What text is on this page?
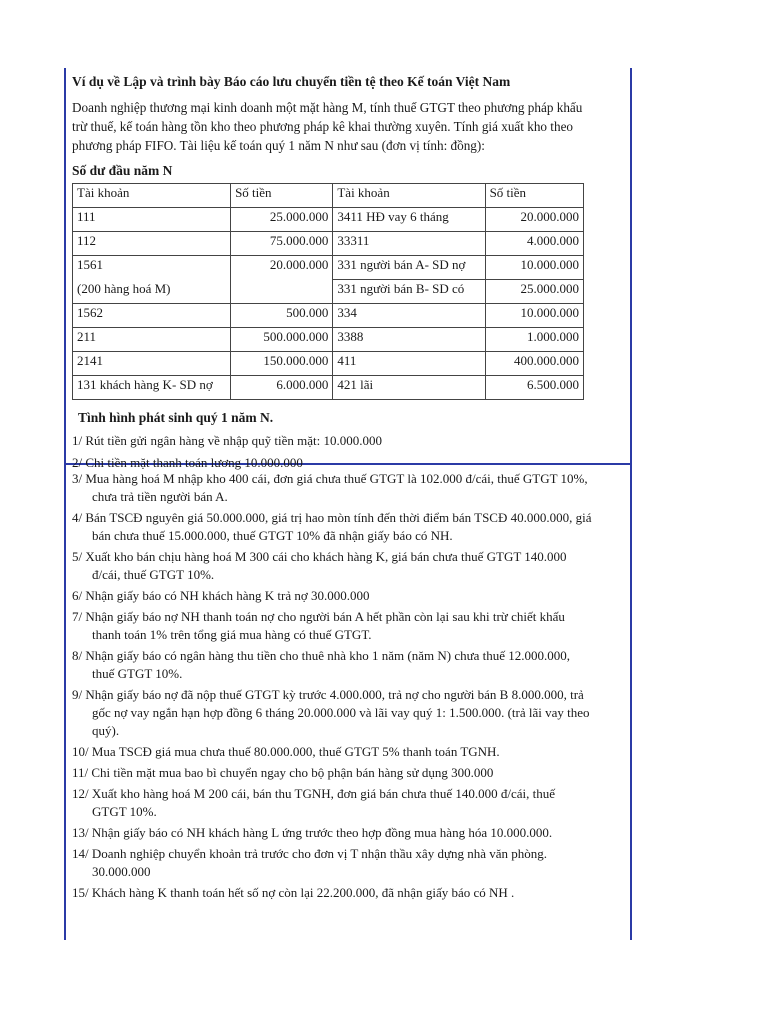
Ví dụ về Lập và trình bày Báo cáo lưu chuyển tiền tệ theo Kế toán Việt Nam

Doanh nghiệp thương mại kinh doanh một mặt hàng M, tính thuế GTGT theo phương pháp khấu trừ thuế, kế toán hàng tồn kho theo phương pháp kê khai thường xuyên. Tính giá xuất kho theo phương pháp FIFO. Tài liệu kế toán quý 1 năm N như sau (đơn vị tính: đồng):

Số dư đầu năm N
Tài khoản	Số tiền	Tài khoản	Số tiền
111	25.000.000	3411 HĐ vay 6 tháng	20.000.000
112	75.000.000	33311	4.000.000
1561	20.000.000	331 người bán A- SD nợ	10.000.000
(200 hàng hoá M)		331 người bán B- SD có	25.000.000
1562	500.000	334	10.000.000
211	500.000.000	3388	1.000.000
2141	150.000.000	411	400.000.000
131 khách hàng K- SD nợ	6.000.000	421 lãi	6.500.000
Tình hình phát sinh quý 1 năm N.
1/ Rút tiền gửi ngân hàng về nhập quỹ tiền mặt: 10.000.000
2/ Chi tiền mặt thanh toán lương 10.000.000
3/ Mua hàng hoá M nhập kho 400 cái, đơn giá chưa thuế GTGT là 102.000 đ/cái, thuế GTGT 10%, chưa trả tiền người bán A.
4/ Bán TSCĐ nguyên giá 50.000.000, giá trị hao mòn tính đến thời điểm bán TSCĐ 40.000.000, giá bán chưa thuế 15.000.000, thuế GTGT 10% đã nhận giấy báo có NH.
5/ Xuất kho bán chịu hàng hoá M 300 cái cho khách hàng K, giá bán chưa thuế GTGT 140.000 đ/cái, thuế GTGT 10%.
6/ Nhận giấy báo có NH khách hàng K trả nợ 30.000.000
7/ Nhận giấy báo nợ NH thanh toán nợ cho người bán A hết phần còn lại sau khi trừ chiết khấu thanh toán 1% trên tổng giá mua hàng có thuế GTGT.
8/ Nhận giấy báo có ngân hàng thu tiền cho thuê nhà kho 1 năm (năm N) chưa thuế 12.000.000, thuế GTGT 10%.
9/ Nhận giấy báo nợ đã nộp thuế GTGT kỳ trước 4.000.000, trả nợ cho người bán B 8.000.000, trả gốc nợ vay ngắn hạn hợp đồng 6 tháng 20.000.000 và lãi vay quý 1: 1.500.000. (trả lãi vay theo quý).
10/ Mua TSCĐ giá mua chưa thuế 80.000.000, thuế GTGT 5% thanh toán TGNH.
11/ Chi tiền mặt mua bao bì chuyển ngay cho bộ phận bán hàng sử dụng 300.000
12/ Xuất kho hàng hoá M 200 cái, bán thu TGNH, đơn giá bán chưa thuế 140.000 đ/cái, thuế GTGT 10%.
13/ Nhận giấy báo có NH khách hàng L ứng trước theo hợp đồng mua hàng hóa 10.000.000.
14/ Doanh nghiệp chuyển khoản trả trước cho đơn vị T nhận thầu xây dựng nhà văn phòng. 30.000.000
15/ Khách hàng K thanh toán hết số nợ còn lại 22.200.000, đã nhận giấy báo có NH .
